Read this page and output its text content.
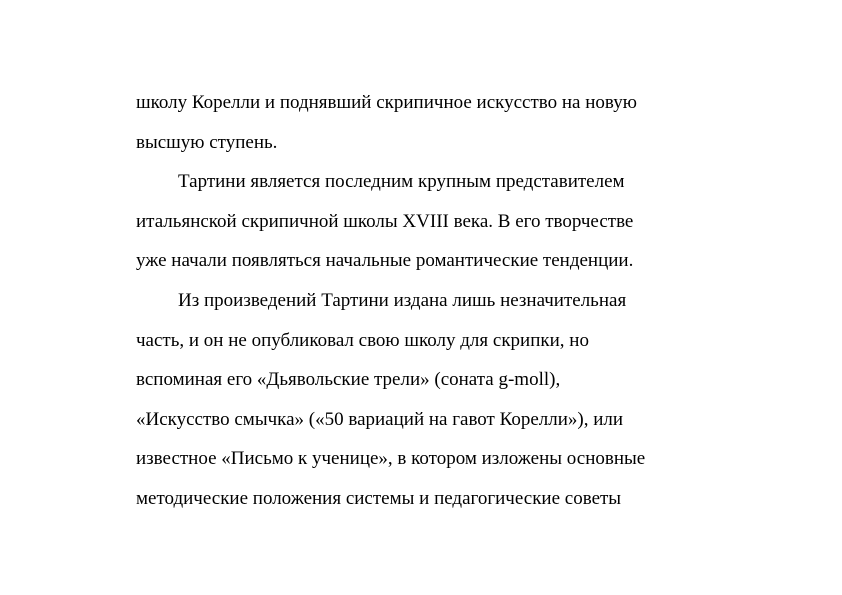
школу Корелли и поднявший скрипичное искусство на новую
высшую ступень.
Тартини является последним крупным представителем
итальянской скрипичной школы XVIII века. В его творчестве
уже начали появляться начальные романтические тенденции.
Из произведений Тартини издана лишь незначительная
часть, и он не опубликовал свою школу для скрипки, но
вспоминая его «Дьявольские трели» (соната g-moll),
«Искусство смычка» («50 вариаций на гавот Корелли»), или
известное «Письмо к ученице», в котором изложены основные
методические положения системы и педагогические советы
